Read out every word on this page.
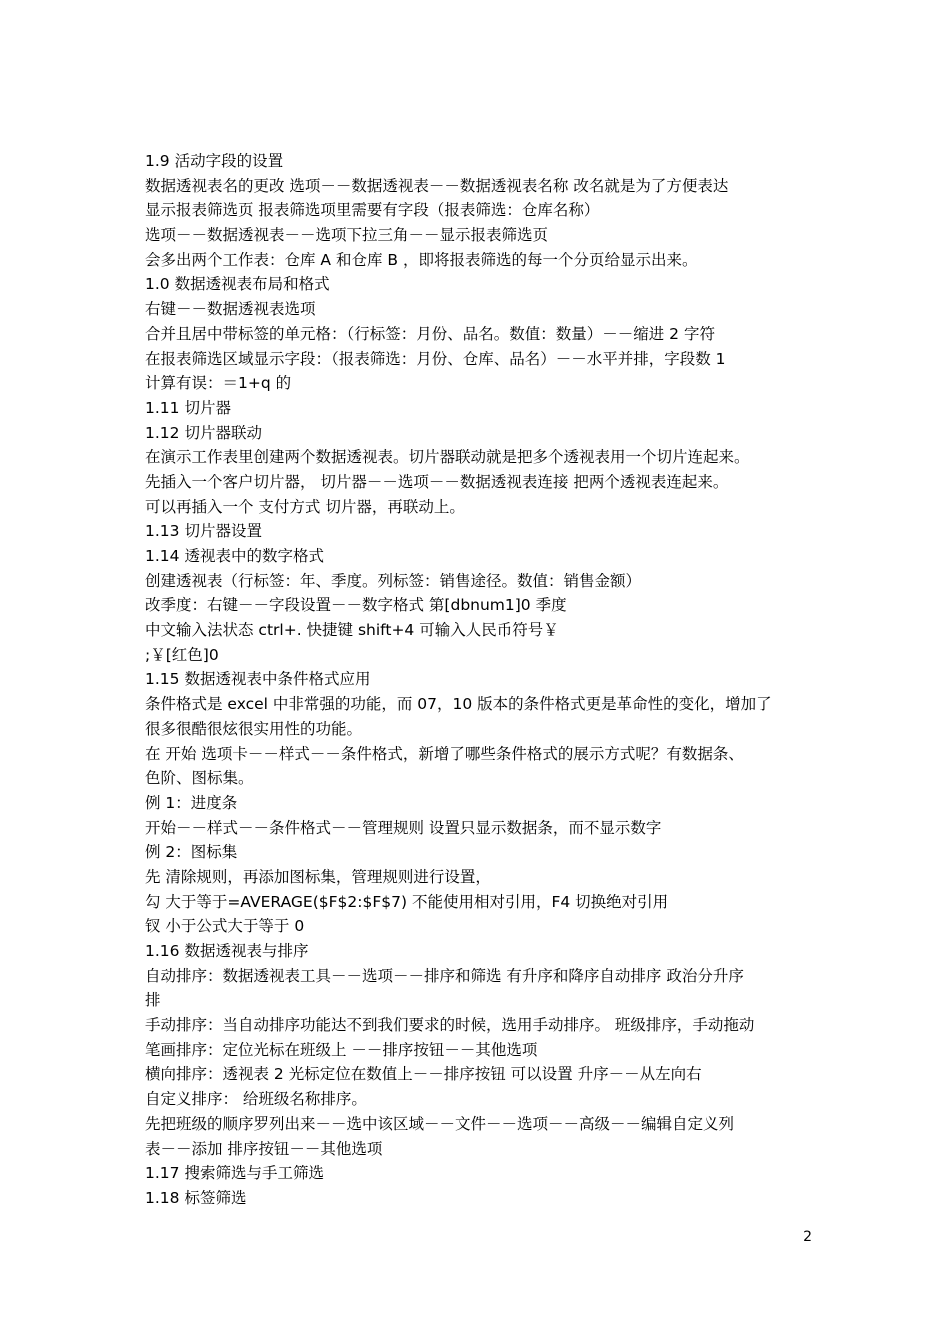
1.9 活动字段的设置
数据透视表名的更改 选项－－数据透视表－－数据透视表名称 改名就是为了方便表达
显示报表筛选页 报表筛选项里需要有字段（报表筛选：仓库名称）
选项－－数据透视表－－选项下拉三角－－显示报表筛选页
会多出两个工作表：仓库 A 和仓库 B ，即将报表筛选的每一个分页给显示出来。
1.0 数据透视表布局和格式
右键－－数据透视表选项
合并且居中带标签的单元格：（行标签：月份、品名。数值：数量）－－缩进 2 字符
在报表筛选区域显示字段：（报表筛选：月份、仓库、品名）－－水平并排，字段数 1
计算有误：＝1+q 的
1.11 切片器
1.12 切片器联动
在演示工作表里创建两个数据透视表。切片器联动就是把多个透视表用一个切片连起来。
先插入一个客户切片器， 切片器－－选项－－数据透视表连接 把两个透视表连起来。
可以再插入一个 支付方式 切片器，再联动上。
1.13 切片器设置
1.14 透视表中的数字格式
创建透视表（行标签：年、季度。列标签：销售途径。数值：销售金额）
改季度：右键－－字段设置－－数字格式 第[dbnum1]0 季度
中文输入法状态 ctrl+. 快捷键 shift+4 可输入人民币符号￥
;￥[红色]0
1.15 数据透视表中条件格式应用
条件格式是 excel 中非常强的功能，而 07，10 版本的条件格式更是革命性的变化，增加了
很多很酷很炫很实用性的功能。
在 开始 选项卡－－样式－－条件格式，新增了哪些条件格式的展示方式呢？有数据条、
色阶、图标集。
例 1：进度条
开始－－样式－－条件格式－－管理规则 设置只显示数据条，而不显示数字
例 2：图标集
先 清除规则，再添加图标集，管理规则进行设置，
勾 大于等于=AVERAGE($F$2:$F$7) 不能使用相对引用，F4 切换绝对引用
钗 小于公式大于等于 0
1.16 数据透视表与排序
自动排序：数据透视表工具－－选项－－排序和筛选 有升序和降序自动排序 政治分升序
排
手动排序：当自动排序功能达不到我们要求的时候，选用手动排序。 班级排序，手动拖动
笔画排序：定位光标在班级上 －－排序按钮－－其他选项
横向排序：透视表 2 光标定位在数值上－－排序按钮 可以设置 升序－－从左向右
自定义排序： 给班级名称排序。
先把班级的顺序罗列出来－－选中该区域－－文件－－选项－－高级－－编辑自定义列
表－－添加 排序按钮－－其他选项
1.17 搜索筛选与手工筛选
1.18 标签筛选
2
